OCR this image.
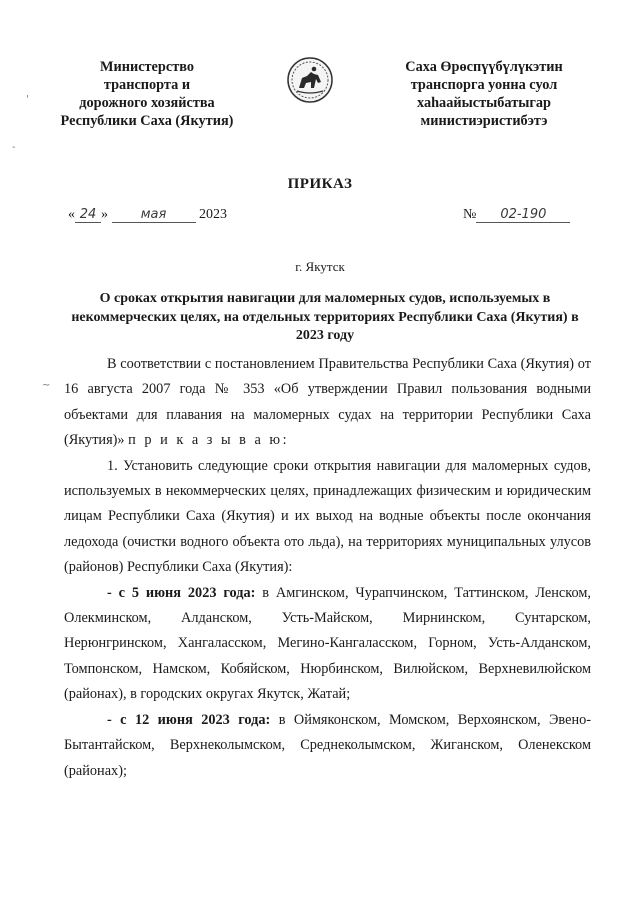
Министерство
транспорта и
дорожного хозяйства
Республики Саха (Якутия)
Саха Өрөспүүбүлүкэтин
транспорга уонна суол
хаһаайыстыбатыгар
министиэристибэтэ
ПРИКАЗ
« 24 »	мая 2023	№ 02-190
г. Якутск
О сроках открытия навигации для маломерных судов, используемых в некоммерческих целях, на отдельных территориях Республики Саха (Якутия) в 2023 году

В соответствии с постановлением Правительства Республики Саха (Якутия) от 16 августа 2007 года № 353 «Об утверждении Правил пользования водными объектами для плавания на маломерных судах на территории Республики Саха (Якутия)» п р и к а з ы в а ю:

1. Установить следующие сроки открытия навигации для маломерных судов, используемых в некоммерческих целях, принадлежащих физическим и юридическим лицам Республики Саха (Якутия) и их выход на водные объекты после окончания ледохода (очистки водного объекта ото льда), на территориях муниципальных улусов (районов) Республики Саха (Якутия):

- с 5 июня 2023 года: в Амгинском, Чурапчинском, Таттинском, Ленском, Олекминском, Алданском, Усть-Майском, Мирнинском, Сунтарском, Нерюнгринском, Хангаласском, Мегино-Кангаласском, Горном, Усть-Алданском, Томпонском, Намском, Кобяйском, Нюрбинском, Вилюйском, Верхневилюйском (районах), в городских округах Якутск, Жатай;

- с 12 июня 2023 года: в Оймяконском, Момском, Верхоянском, Эвено-Бытантайском, Верхнеколымском, Среднеколымском, Жиганском, Оленекском (районах);

'
-
~
